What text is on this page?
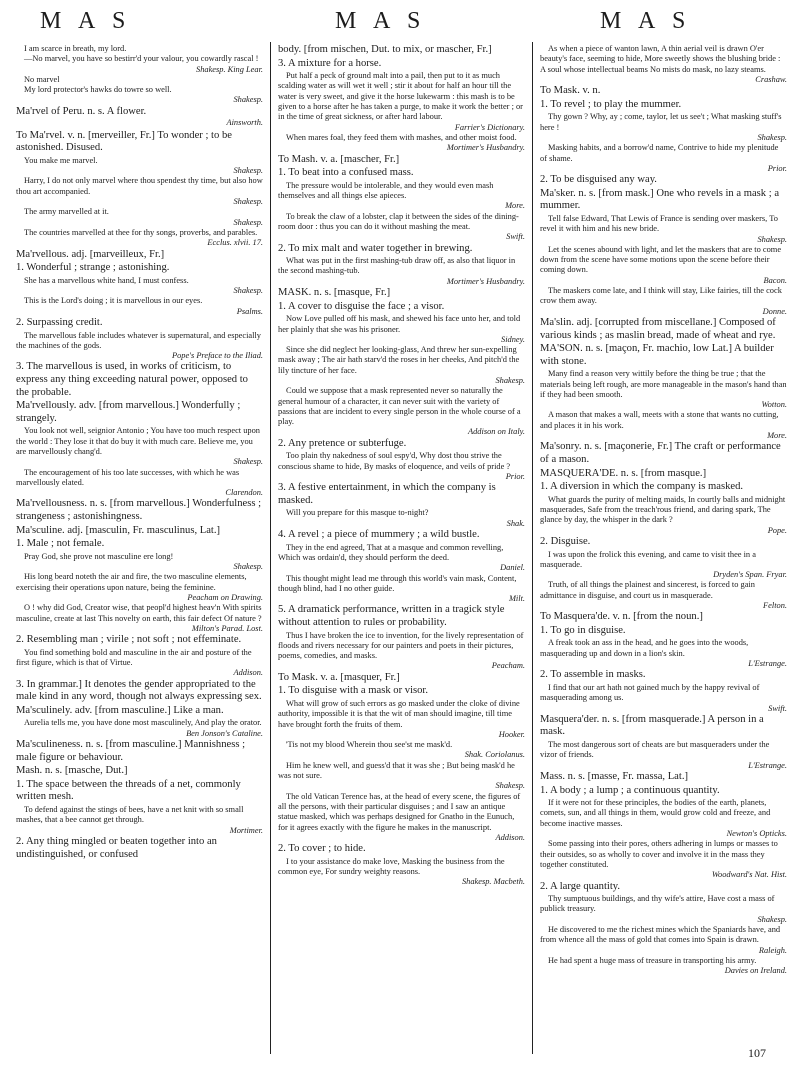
M A S	M A S	M A S
I am scarce in breath, my lord.
—No marvel, you have so bestirr'd your valour, you cowardly rascal !
Shakesp. King Lear.
No marvel
My lord protector's hawks do towre so well.
Shakesp.
Ma'rvel of Peru. n. s. A flower.
Ainsworth.
To Ma'rvel. v. n. [merveiller, Fr.] To wonder ; to be astonished. Disused.
You make me marvel.
Shakesp.
Harry, I do not only marvel where thou spendest thy time, but also how thou art accompanied.
Shakesp.
The army marvelled at it.
Shakesp.
The countries marvelled at thee for thy songs, proverbs, and parables.
Ecclus. xlvii. 17.
Ma'rvellous. adj. [marveilleux, Fr.]
1. Wonderful ; strange ; astonishing.
She has a marvellous white hand, I must confess.
Shakesp.
This is the Lord's doing ; it is marvellous in our eyes.
Psalms.
2. Surpassing credit.
The marvellous fable includes whatever is supernatural, and especially the machines of the gods.
Pope's Preface to the Iliad.
3. The marvellous is used, in works of criticism, to express any thing exceeding natural power, opposed to the probable.
Ma'rvellously. adv. [from marvellous.] Wonderfully ; strangely.
You look not well, seignior Antonio ; You have too much respect upon the world : They lose it that do buy it with much care. Believe me, you are marvellously chang'd.
Shakesp.
The encouragement of his too late successes, with which he was marvellously elated.
Clarendon.
Ma'rvellousness. n. s. [from marvellous.] Wonderfulness ; strangeness ; astonishingness.
Ma'sculine. adj. [masculin, Fr. masculinus, Lat.]
1. Male ; not female.
Pray God, she prove not masculine ere long!
Shakesp.
His long beard noteth the air and fire, the two masculine elements, exercising their operations upon nature, being the feminine.
Peacham on Drawing.
O ! why did God, Creator wise, that peopl'd highest heav'n With spirits masculine, create at last This novelty on earth, this fair defect Of nature ?
Milton's Parad. Lost.
2. Resembling man ; virile ; not soft ; not effeminate.
You find something bold and masculine in the air and posture of the first figure, which is that of Virtue.
Addison.
3. In grammar.] It denotes the gender appropriated to the male kind in any word, though not always expressing sex.
Ma'sculinely. adv. [from masculine.] Like a man.
Aurelia tells me, you have done most masculinely, And play the orator.
Ben Jonson's Cataline.
Ma'sculineness. n. s. [from masculine.] Mannishness ; male figure or behaviour.
Mash. n. s. [masche, Dut.]
1. The space between the threads of a net, commonly written mesh.
To defend against the stings of bees, have a net knit with so small mashes, that a bee cannot get through.
Mortimer.
2. Any thing mingled or beaten together into an undistinguished, or confused
body. [from mischen, Dut. to mix, or mascher, Fr.]
3. A mixture for a horse.
Put half a peck of ground malt into a pail, then put to it as much scalding water as will wet it well ; stir it about for half an hour till the water is very sweet, and give it the horse lukewarm : this mash is to be given to a horse after he has taken a purge, to make it work the better ; or in the time of great sickness, or after hard labour.
Farrier's Dictionary.
When mares foal, they feed them with mashes, and other moist food.
Mortimer's Husbandry.
To Mash. v. a. [mascher, Fr.]
1. To beat into a confused mass.
The pressure would be intolerable, and they would even mash themselves and all things else apieces.
More.
To break the claw of a lobster, clap it between the sides of the dining-room door : thus you can do it without mashing the meat.
Swift.
2. To mix malt and water together in brewing.
What was put in the first mashing-tub draw off, as also that liquor in the second mashing-tub.
Mortimer's Husbandry.
MASK. n. s. [masque, Fr.]
1. A cover to disguise the face ; a visor.
Now Love pulled off his mask, and shewed his face unto her, and told her plainly that she was his prisoner.
Sidney.
Since she did neglect her looking-glass, And threw her sun-expelling mask away ; The air hath starv'd the roses in her cheeks, And pitch'd the lily tincture of her face.
Shakesp.
Could we suppose that a mask represented never so naturally the general humour of a character, it can never suit with the variety of passions that are incident to every single person in the whole course of a play.
Addison on Italy.
2. Any pretence or subterfuge.
Too plain thy nakedness of soul espy'd, Why dost thou strive the conscious shame to hide, By masks of eloquence, and veils of pride ?
Prior.
3. A festive entertainment, in which the company is masked.
Will you prepare for this masque to-night?
Shak.
4. A revel ; a piece of mummery ; a wild bustle.
They in the end agreed, That at a masque and common revelling, Which was ordain'd, they should perform the deed.
Daniel.
This thought might lead me through this world's vain mask, Content, though blind, had I no other guide.
Milt.
5. A dramatick performance, written in a tragick style without attention to rules or probability.
Thus I have broken the ice to invention, for the lively representation of floods and rivers necessary for our painters and poets in their pictures, poems, comedies, and masks.
Peacham.
To Mask. v. a. [masquer, Fr.]
1. To disguise with a mask or visor.
What will grow of such errors as go masked under the cloke of divine authority, impossible it is that the wit of man should imagine, till time have brought forth the fruits of them.
Hooker.
'Tis not my blood Wherein thou see'st me mask'd.
Shak. Coriolanus.
Him he knew well, and guess'd that it was she ; But being mask'd he was not sure.
Shakesp.
The old Vatican Terence has, at the head of every scene, the figures of all the persons, with their particular disguises ; and I saw an antique statue masked, which was perhaps designed for Gnatho in the Eunuch, for it agrees exactly with the figure he makes in the manuscript.
Addison.
2. To cover ; to hide.
I to your assistance do make love, Masking the business from the common eye, For sundry weighty reasons.
Shakesp. Macbeth.
As when a piece of wanton lawn, A thin aerial veil is drawn O'er beauty's face, seeming to hide, More sweetly shows the blushing bride : A soul whose intellectual beams No mists do mask, no lazy steams.
Crashaw.
To Mask. v. n.
1. To revel ; to play the mummer.
Thy gown ? Why, ay ; come, taylor, let us see't ; What masking stuff's here !
Shakesp.
Masking habits, and a borrow'd name, Contrive to hide my plenitude of shame.
Prior.
2. To be disguised any way.
Ma'sker. n. s. [from mask.] One who revels in a mask ; a mummer.
Tell false Edward, That Lewis of France is sending over maskers, To revel it with him and his new bride.
Shakesp.
Let the scenes abound with light, and let the maskers that are to come down from the scene have some motions upon the scene before their coming down.
Bacon.
The maskers come late, and I think will stay, Like fairies, till the cock crow them away.
Donne.
Ma'slin. adj. [corrupted from miscellane.] Composed of various kinds ; as maslin bread, made of wheat and rye.
MA'SON. n. s. [maçon, Fr. machio, low Lat.] A builder with stone.
Many find a reason very wittily before the thing be true ; that the materials being left rough, are more manageable in the mason's hand than if they had been smooth.
Wotton.
A mason that makes a wall, meets with a stone that wants no cutting, and places it in his work.
More.
Ma'sonry. n. s. [maçonerie, Fr.] The craft or performance of a mason.
MASQUERA'DE. n. s. [from masque.]
1. A diversion in which the company is masked.
What guards the purity of melting maids, In courtly balls and midnight masquerades, Safe from the treach'rous friend, and daring spark, The glance by day, the whisper in the dark ?
Pope.
2. Disguise.
I was upon the frolick this evening, and came to visit thee in a masquerade.
Dryden's Span. Fryar.
Truth, of all things the plainest and sincerest, is forced to gain admittance in disguise, and court us in masquerade.
Felton.
To Masquera'de. v. n. [from the noun.]
1. To go in disguise.
A freak took an ass in the head, and he goes into the woods, masquerading up and down in a lion's skin.
L'Estrange.
2. To assemble in masks.
I find that our art hath not gained much by the happy revival of masquerading among us.
Swift.
Masquera'der. n. s. [from masquerade.] A person in a mask.
The most dangerous sort of cheats are but masqueraders under the vizor of friends.
L'Estrange.
Mass. n. s. [masse, Fr. massa, Lat.]
1. A body ; a lump ; a continuous quantity.
If it were not for these principles, the bodies of the earth, planets, comets, sun, and all things in them, would grow cold and freeze, and become inactive masses.
Newton's Opticks.
Some passing into their pores, others adhering in lumps or masses to their outsides, so as wholly to cover and involve it in the mass they together constituted.
Woodward's Nat. Hist.
2. A large quantity.
Thy sumptuous buildings, and thy wife's attire, Have cost a mass of publick treasury.
Shakesp.
He discovered to me the richest mines which the Spaniards have, and from whence all the mass of gold that comes into Spain is drawn.
Raleigh.
He had spent a huge mass of treasure in transporting his army.
Davies on Ireland.
107
